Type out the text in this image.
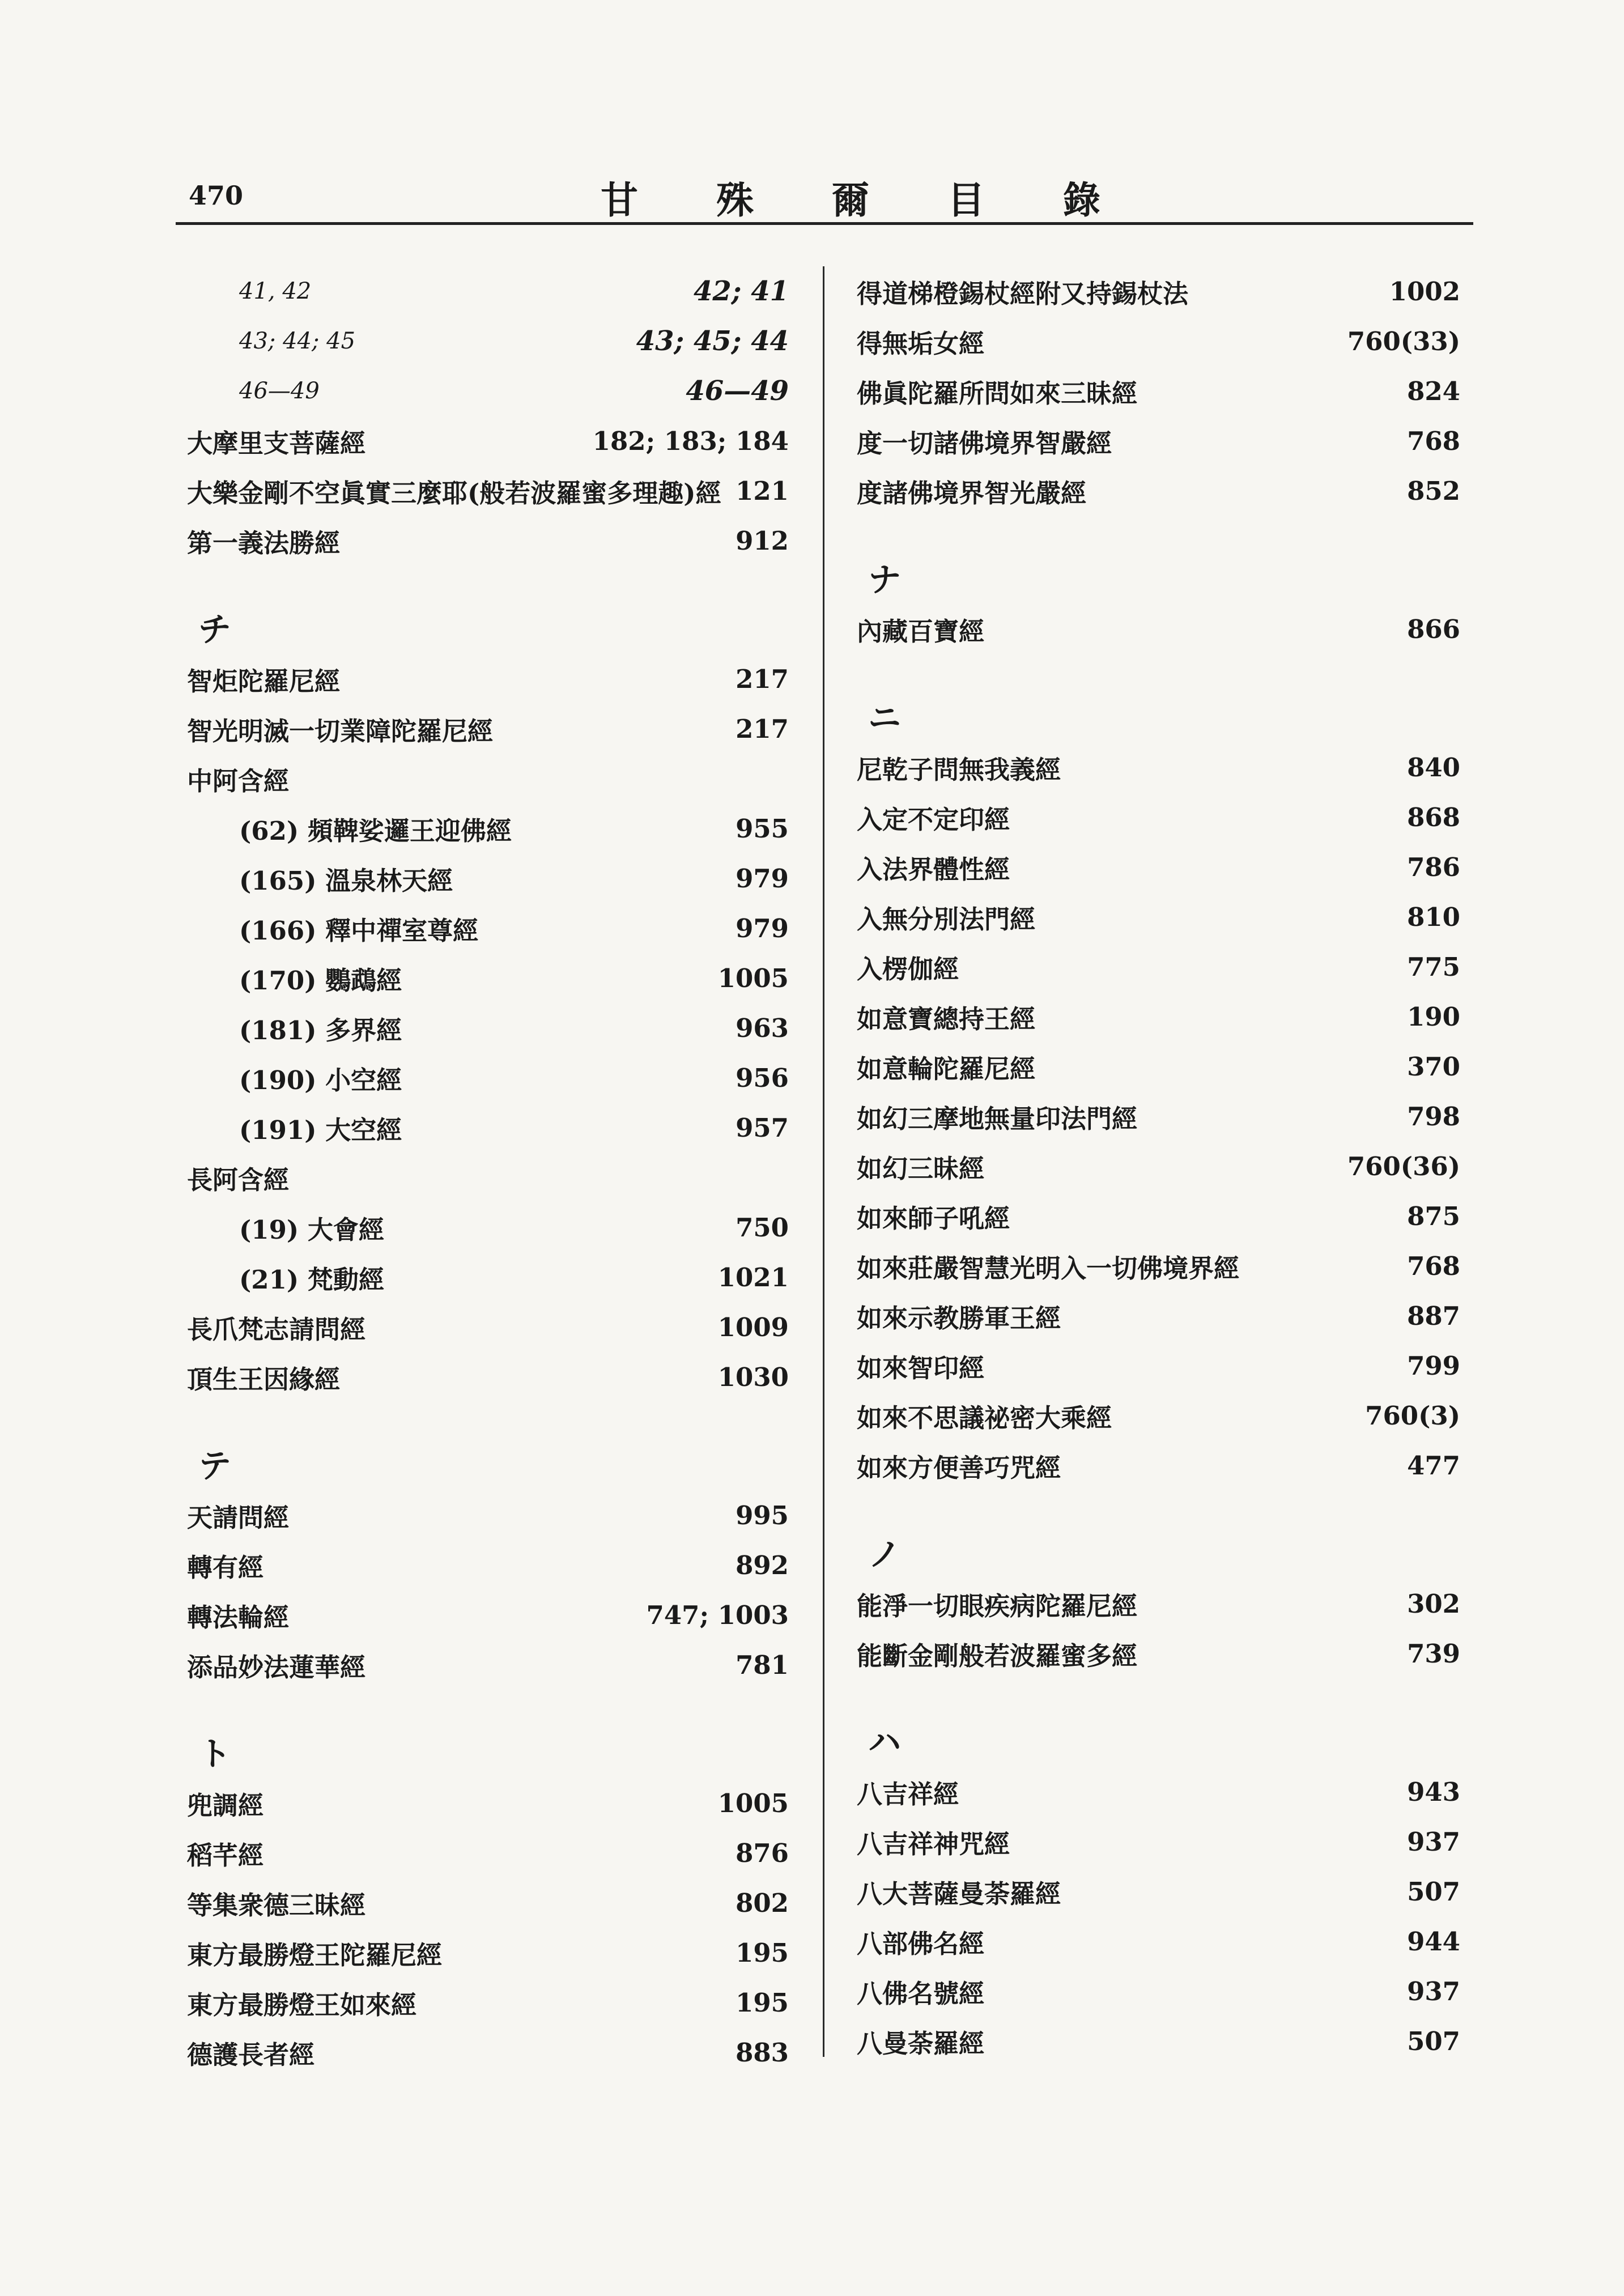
470	甘 殊 爾 目 錄
41, 42	42; 41
43; 44; 45	43; 45; 44
46—49	46—49
大摩里支菩薩經	182; 183; 184
大樂金剛不空眞實三麼耶(般若波羅蜜多理趣)經 121
第一義法勝經	912
チ
智炬陀羅尼經	217
智光明滅一切業障陀羅尼經	217
中阿含經
(62) 頻鞞娑邏王迎佛經	955
(165) 溫泉林天經	979
(166) 釋中禪室尊經	979
(170) 鸚鵡經	1005
(181) 多界經	963
(190) 小空經	956
(191) 大空經	957
長阿含經
(19) 大會經	750
(21) 梵動經	1021
長爪梵志請問經	1009
頂生王因緣經	1030
テ
天請問經	995
轉有經	892
轉法輪經	747; 1003
添品妙法蓮華經	781
ト
兜調經	1005
稻芊經	876
等集衆德三昧經	802
東方最勝燈王陀羅尼經	195
東方最勝燈王如來經	195
德護長者經	883
得道梯橙錫杖經附又持錫杖法	1002
得無垢女經	760(33)
佛眞陀羅所問如來三昧經	824
度一切諸佛境界智嚴經	768
度諸佛境界智光嚴經	852
ナ
內藏百寶經	866
ニ
尼乾子問無我義經	840
入定不定印經	868
入法界體性經	786
入無分別法門經	810
入楞伽經	775
如意寶總持王經	190
如意輪陀羅尼經	370
如幻三摩地無量印法門經	798
如幻三昧經	760(36)
如來師子吼經	875
如來莊嚴智慧光明入一切佛境界經	768
如來示教勝軍王經	887
如來智印經	799
如來不思議祕密大乘經	760(3)
如來方便善巧咒經	477
ノ
能淨一切眼疾病陀羅尼經	302
能斷金剛般若波羅蜜多經	739
ハ
八吉祥經	943
八吉祥神咒經	937
八大菩薩曼荼羅經	507
八部佛名經	944
八佛名號經	937
八曼荼羅經	507
